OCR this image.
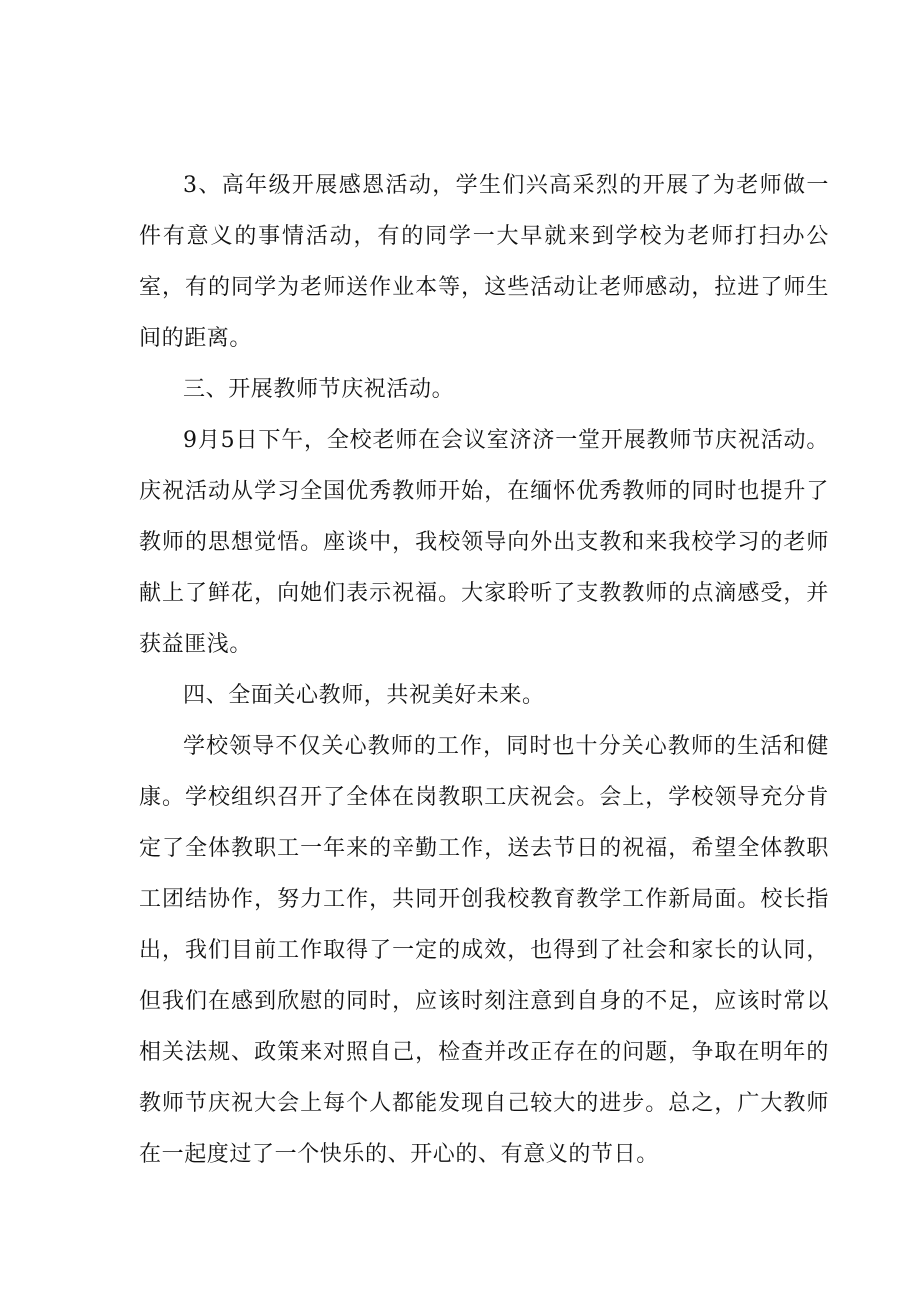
3、高年级开展感恩活动，学生们兴高采烈的开展了为老师做一件有意义的事情活动，有的同学一大早就来到学校为老师打扫办公室，有的同学为老师送作业本等，这些活动让老师感动，拉进了师生间的距离。

三、开展教师节庆祝活动。

9月5日下午，全校老师在会议室济济一堂开展教师节庆祝活动。庆祝活动从学习全国优秀教师开始，在缅怀优秀教师的同时也提升了教师的思想觉悟。座谈中，我校领导向外出支教和来我校学习的老师献上了鲜花，向她们表示祝福。大家聆听了支教教师的点滴感受，并获益匪浅。

四、全面关心教师，共祝美好未来。

学校领导不仅关心教师的工作，同时也十分关心教师的生活和健康。学校组织召开了全体在岗教职工庆祝会。会上，学校领导充分肯定了全体教职工一年来的辛勤工作，送去节日的祝福，希望全体教职工团结协作，努力工作，共同开创我校教育教学工作新局面。校长指出，我们目前工作取得了一定的成效，也得到了社会和家长的认同，但我们在感到欣慰的同时，应该时刻注意到自身的不足，应该时常以相关法规、政策来对照自己，检查并改正存在的问题，争取在明年的教师节庆祝大会上每个人都能发现自己较大的进步。总之，广大教师在一起度过了一个快乐的、开心的、有意义的节日。
